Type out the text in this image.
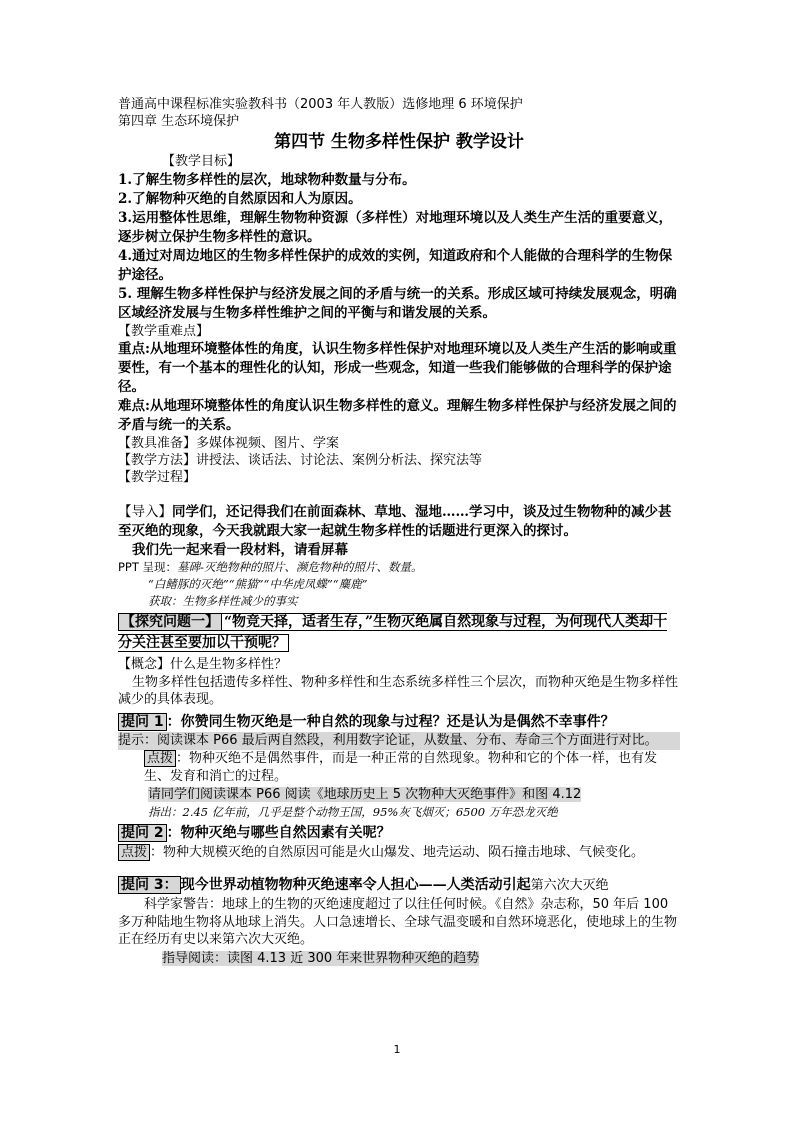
普通高中课程标准实验教科书（2003 年人教版）选修地理 6 环境保护
第四章 生态环境保护
第四节 生物多样性保护 教学设计
【教学目标】
1.了解生物多样性的层次，地球物种数量与分布。
2.了解物种灭绝的自然原因和人为原因。
3.运用整体性思维，理解生物物种资源（多样性）对地理环境以及人类生产生活的重要意义，逐步树立保护生物多样性的意识。
4.通过对周边地区的生物多样性保护的成效的实例，知道政府和个人能做的合理科学的生物保护途径。
5. 理解生物多样性保护与经济发展之间的矛盾与统一的关系。形成区域可持续发展观念，明确区域经济发展与生物多样性维护之间的平衡与和谐发展的关系。
【教学重难点】
重点:从地理环境整体性的角度，认识生物多样性保护对地理环境以及人类生产生活的影响或重要性，有一个基本的理性化的认知，形成一些观念，知道一些我们能够做的合理科学的保护途径。
难点:从地理环境整体性的角度认识生物多样性的意义。理解生物多样性保护与经济发展之间的矛盾与统一的关系。
【教具准备】多媒体视频、图片、学案
【教学方法】讲授法、谈话法、讨论法、案例分析法、探究法等
【教学过程】
【导入】同学们，还记得我们在前面森林、草地、湿地……学习中，谈及过生物物种的减少甚至灭绝的现象，今天我就跟大家一起就生物多样性的话题进行更深入的探讨。
我们先一起来看一段材料，请看屏幕
PPT 呈现：墓碑-灭绝物种的照片、濒危物种的照片、数量。
“白鳍豚的灭绝”“熊猫”“中华虎凤蝶”“麋鹿”
获取：生物多样性减少的事实
【探究问题一】 “物竞天择，适者生存，”生物灭绝属自然现象与过程，为何现代人类却十分关注甚至要加以干预呢？
【概念】什么是生物多样性？
生物多样性包括遗传多样性、物种多样性和生态系统多样性三个层次，而物种灭绝是生物多样性减少的具体表现。
提问 1 ：你赞同生物灭绝是一种自然的现象与过程？还是认为是偶然不幸事件？
提示：阅读课本 P66 最后两自然段，利用数字论证，从数量、分布、寿命三个方面进行对比。
点拨 ：物种灭绝不是偶然事件，而是一种正常的自然现象。物种和它的个体一样，也有发生、发育和消亡的过程。
请同学们阅读课本 P66 阅读《地球历史上 5 次物种大灭绝事件》和图 4.12
指出：2.45 亿年前，几乎是整个动物王国，95%灰飞烟灭；6500 万年恐龙灭绝
提问 2 ：物种灭绝与哪些自然因素有关呢？
点拨 ：物种大规模灭绝的自然原因可能是火山爆发、地壳运动、陨石撞击地球、气候变化。
提问 3： 现今世界动植物物种灭绝速率令人担心——人类活动引起第六次大灭绝
科学家警告：地球上的生物的灭绝速度超过了以往任何时候。《自然》杂志称，50 年后 100 多万种陆地生物将从地球上消失。人口急速增长、全球气温变暖和自然环境恶化，使地球上的生物正在经历有史以来第六次大灭绝。
指导阅读：读图 4.13 近 300 年来世界物种灭绝的趋势
1
